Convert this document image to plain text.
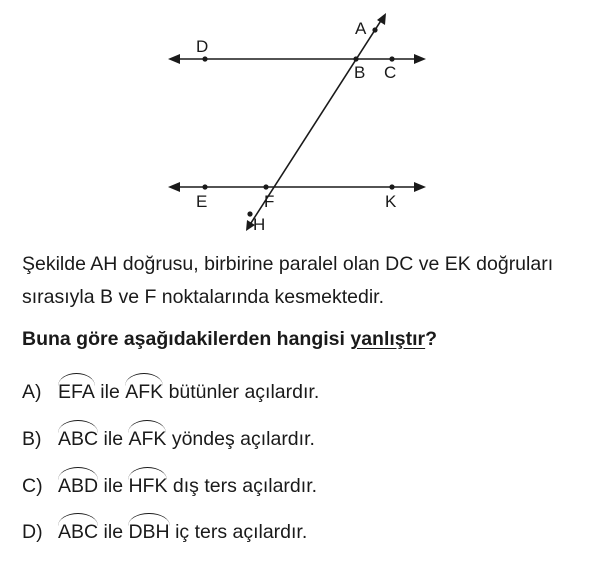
A
D
B C
E	F	K
H

Şekilde AH doğrusu, birbirine paralel olan DC ve EK doğruları sırasıyla B ve F noktalarında kesmektedir.

Buna göre aşağıdakilerden hangisi yanlıştır?

A) EFA ile AFK bütünler açılardır.
B) ABC ile AFK yöndeş açılardır.
C) ABD ile HFK dış ters açılardır.
D) ABC ile DBH iç ters açılardır.
